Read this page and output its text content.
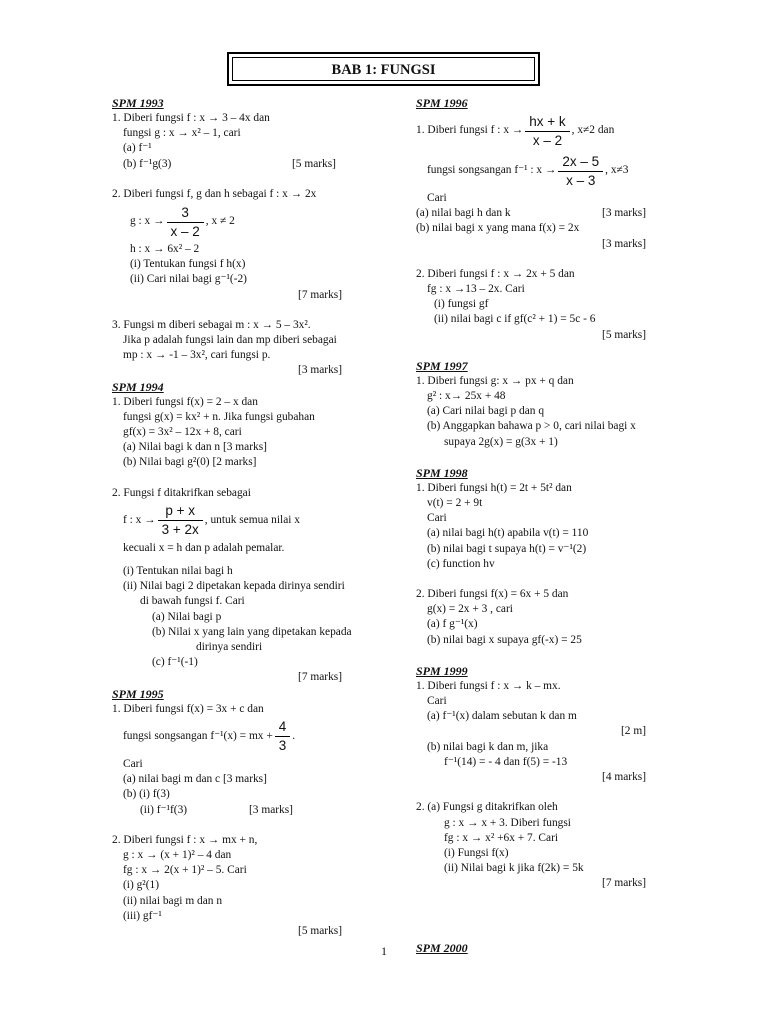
BAB 1: FUNGSI

SPM 1993

1. Diberi fungsi f : x → 3 – 4x dan

fungsi g : x → x² – 1, cari

(a) f⁻¹

(b) f⁻¹g(3)	[5 marks]

2. Diberi fungsi f, g dan h sebagai f : x → 2x

g : $x \to \frac{3}{x - 2}$ , x ≠ 2

h : x → 6x² – 2

(i) Tentukan fungsi f h(x)

(ii) Cari nilai bagi g⁻¹(-2)

[7 marks]

3. Fungsi m diberi sebagai m : x → 5 – 3x².

Jika p adalah fungsi lain dan mp diberi sebagai

mp : x → -1 – 3x², cari fungsi p.

[3 marks]

SPM 1994

1. Diberi fungsi f(x) = 2 – x dan

fungsi g(x) = kx² + n. Jika fungsi gubahan

gf(x) = 3x² – 12x + 8, cari

(a) Nilai bagi k dan n [3 marks]

(b) Nilai bagi g²(0) [2 marks]

2. Fungsi f ditakrifkan sebagai

f : $x \to \frac{p + x}{3 + 2x}$ , untuk semua nilai x

kecuali x = h dan p adalah pemalar.

(i) Tentukan nilai bagi h

(ii) Nilai bagi 2 dipetakan kepada dirinya sendiri

di bawah fungsi f. Cari

(a) Nilai bagi p

(b) Nilai x yang lain yang dipetakan kepada

dirinya sendiri

(c) f⁻¹(-1)

[7 marks]

SPM 1995

1. Diberi fungsi f(x) = 3x + c dan

fungsi songsangan f⁻¹(x) = mx + $\frac{4}{3}$ .

Cari

(a) nilai bagi m dan c [3 marks]

(b) (i) f(3)

(ii) f⁻¹f(3)	[3 marks]

2. Diberi fungsi f : x → mx + n,

g : x → (x + 1)² – 4 dan

fg : x → 2(x + 1)² – 5. Cari

(i) g²(1)

(ii) nilai bagi m dan n

(iii) gf⁻¹

[5 marks]

SPM 1996

1. Diberi fungsi f : $x \to \frac{hx + k}{x - 2}$ , x≠2 dan
fungsi songsangan f⁻¹ : $x \to \frac{2x - 5}{x - 3}$ , x≠3

Cari

(a) nilai bagi h dan k	[3 marks]

(b) nilai bagi x yang mana f(x) = 2x

[3 marks]

2. Diberi fungsi f : x → 2x + 5 dan

fg : x →13 – 2x. Cari

(i) fungsi gf

(ii) nilai bagi c if gf(c² + 1) = 5c - 6

[5 marks]

SPM 1997

1. Diberi fungsi g: x → px + q dan

g² : x→ 25x + 48

(a) Cari nilai bagi p dan q

(b) Anggapkan bahawa p > 0, cari nilai bagi x

supaya 2g(x) = g(3x + 1)

SPM 1998

1. Diberi fungsi h(t) = 2t + 5t² dan

v(t) = 2 + 9t

Cari

(a) nilai bagi h(t) apabila v(t) = 110

(b) nilai bagi t supaya h(t) = v⁻¹(2)

(c) function hv

2. Diberi fungsi f(x) = 6x + 5 dan

g(x) = 2x + 3 , cari

(a) f g⁻¹(x)

(b) nilai bagi x supaya gf(-x) = 25

SPM 1999

1. Diberi fungsi f : x → k – mx.

Cari

(a) f⁻¹(x) dalam sebutan k dan m

[2 m]

(b) nilai bagi k dan m, jika

f⁻¹(14) = - 4 dan f(5) = -13

[4 marks]

2. (a) Fungsi g ditakrifkan oleh

g : x → x + 3. Diberi fungsi

fg : x → x² +6x + 7. Cari

(i) Fungsi f(x)

(ii) Nilai bagi k jika f(2k) = 5k

[7 marks]

SPM 2000

1
